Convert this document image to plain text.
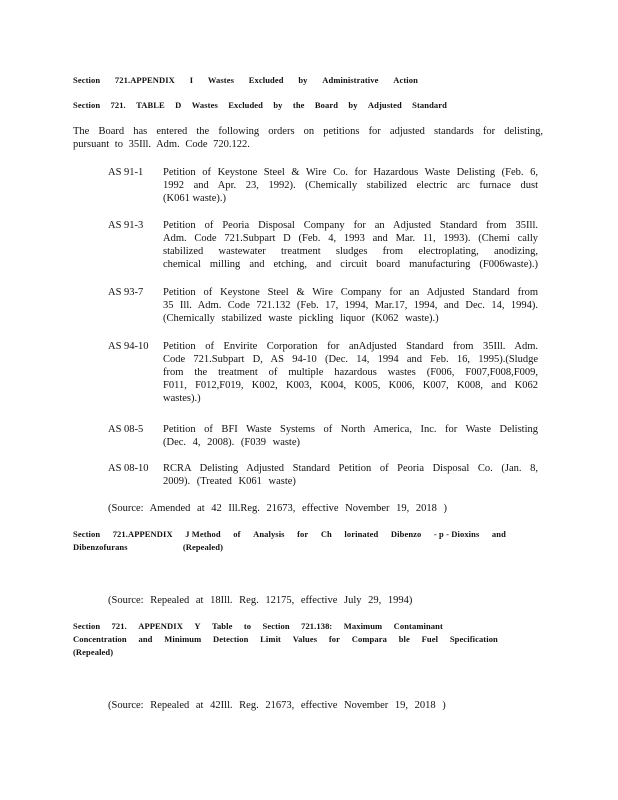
Section 721.APPENDIX I Wastes Excluded by Administrative Action
Section 721. TABLE D Wastes Excluded by the Board by Adjusted Standard
The Board has entered the following orders on petitions for adjusted standards for delisting,
pursuant to 35Ill. Adm. Code 720.122.
AS 91-1	Petition of Keystone Steel & Wire Co. for Hazardous Waste Delisting (Feb. 6,
1992 and Apr. 23, 1992). (Chemically stabilized electric arc furnace dust
(K061 waste).)
AS 91-3	Petition of Peoria Disposal Company for an Adjusted Standard from 35Ill.
Adm. Code 721.Subpart D (Feb. 4, 1993 and Mar. 11, 1993). (Chemi cally
stabilized wastewater treatment sludges from electroplating, anodizing,
chemical milling and etching, and circuit board manufacturing (F006waste).)
AS 93-7	Petition of Keystone Steel & Wire Company for an Adjusted Standard from
35 Ill. Adm. Code 721.132 (Feb. 17, 1994, Mar.17, 1994, and Dec. 14, 1994).
(Chemically stabilized waste pickling liquor (K062 waste).)
AS 94-10	Petition of Envirite Corporation for anAdjusted Standard from 35Ill. Adm.
Code 721.Subpart D, AS 94-10 (Dec. 14, 1994 and Feb. 16, 1995).(Sludge
from the treatment of multiple hazardous wastes (F006, F007,F008,F009,
F011, F012,F019, K002, K003, K004, K005, K006, K007, K008, and K062
wastes).)
AS 08-5	Petition of BFI Waste Systems of North America, Inc. for Waste Delisting
(Dec. 4, 2008). (F039 waste)
AS 08-10	RCRA Delisting Adjusted Standard Petition of Peoria Disposal Co. (Jan. 8,
2009). (Treated K061 waste)
(Source: Amended at 42 Ill.Reg. 21673, effective November 19, 2018 )
Section 721.APPENDIX J Method of Analysis for Ch lorinated Dibenzo - p - Dioxins and
Dibenzofurans	(Repealed)
(Source: Repealed at 18Ill. Reg. 12175, effective July 29, 1994)
Section 721. APPENDIX Y Table to Section 721.138: Maximum Contaminant
Concentration and Minimum Detection Limit Values for Compara ble Fuel Specification
(Repealed)
(Source: Repealed at 42Ill. Reg. 21673, effective November 19, 2018 )
